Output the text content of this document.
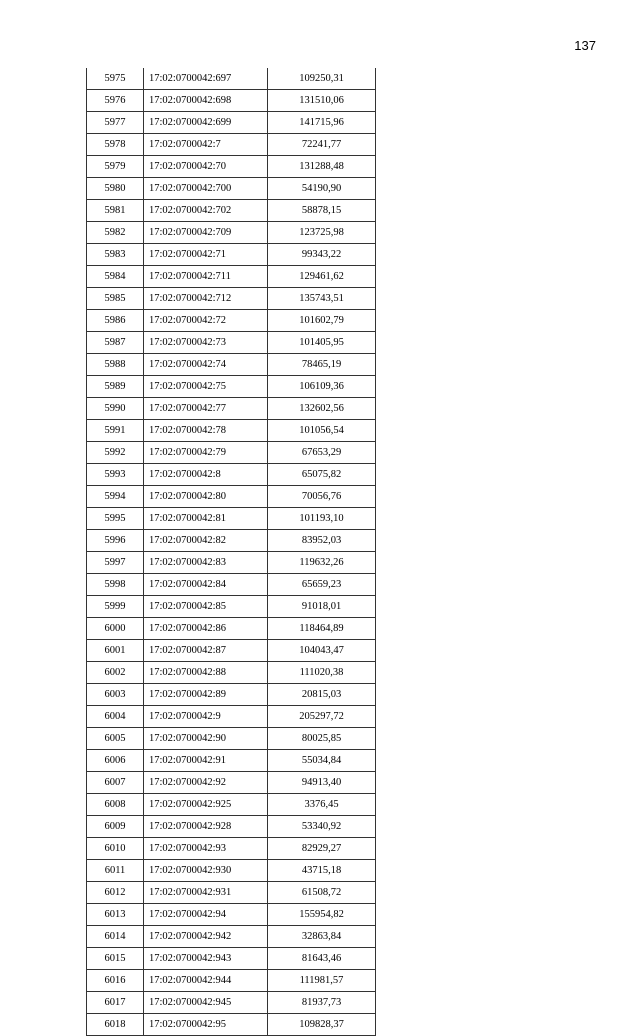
137
5975	17:02:0700042:697	109250,31
5976	17:02:0700042:698	131510,06
5977	17:02:0700042:699	141715,96
5978	17:02:0700042:7	72241,77
5979	17:02:0700042:70	131288,48
5980	17:02:0700042:700	54190,90
5981	17:02:0700042:702	58878,15
5982	17:02:0700042:709	123725,98
5983	17:02:0700042:71	99343,22
5984	17:02:0700042:711	129461,62
5985	17:02:0700042:712	135743,51
5986	17:02:0700042:72	101602,79
5987	17:02:0700042:73	101405,95
5988	17:02:0700042:74	78465,19
5989	17:02:0700042:75	106109,36
5990	17:02:0700042:77	132602,56
5991	17:02:0700042:78	101056,54
5992	17:02:0700042:79	67653,29
5993	17:02:0700042:8	65075,82
5994	17:02:0700042:80	70056,76
5995	17:02:0700042:81	101193,10
5996	17:02:0700042:82	83952,03
5997	17:02:0700042:83	119632,26
5998	17:02:0700042:84	65659,23
5999	17:02:0700042:85	91018,01
6000	17:02:0700042:86	118464,89
6001	17:02:0700042:87	104043,47
6002	17:02:0700042:88	111020,38
6003	17:02:0700042:89	20815,03
6004	17:02:0700042:9	205297,72
6005	17:02:0700042:90	80025,85
6006	17:02:0700042:91	55034,84
6007	17:02:0700042:92	94913,40
6008	17:02:0700042:925	3376,45
6009	17:02:0700042:928	53340,92
6010	17:02:0700042:93	82929,27
6011	17:02:0700042:930	43715,18
6012	17:02:0700042:931	61508,72
6013	17:02:0700042:94	155954,82
6014	17:02:0700042:942	32863,84
6015	17:02:0700042:943	81643,46
6016	17:02:0700042:944	111981,57
6017	17:02:0700042:945	81937,73
6018	17:02:0700042:95	109828,37
